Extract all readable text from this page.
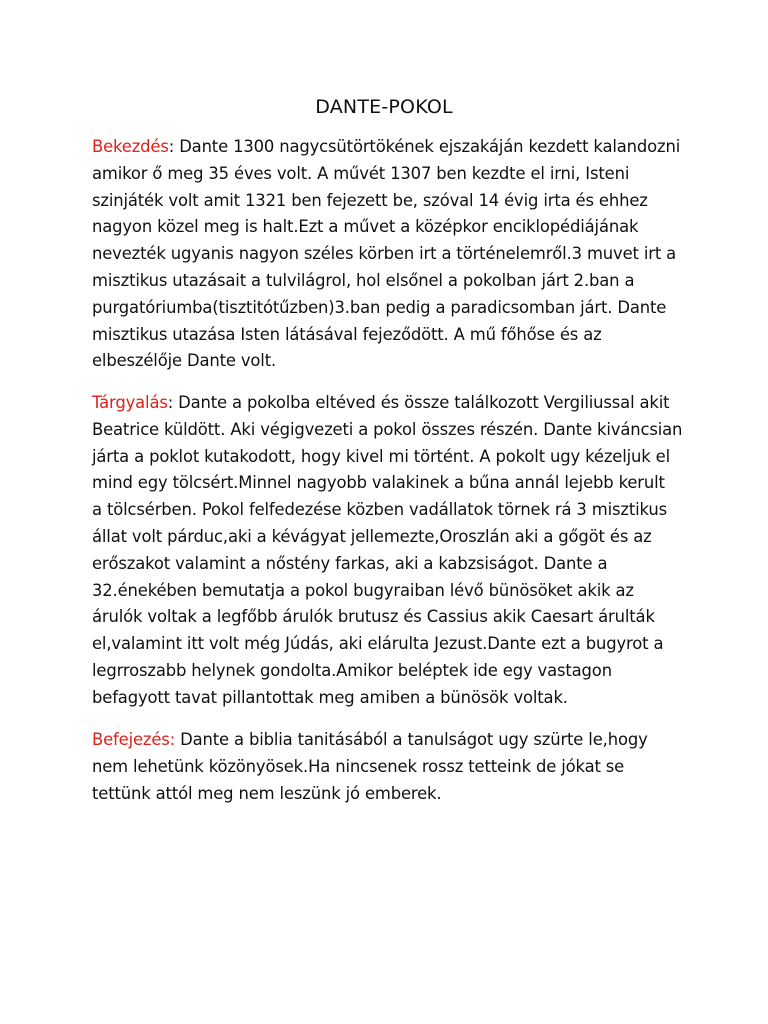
DANTE-POKOL

Bekezdés: Dante 1300 nagycsütörtökének ejszakáján kezdett kalandozni
amikor ő meg 35 éves volt. A művét 1307 ben kezdte el irni, Isteni
szinjáték volt amit 1321 ben fejezett be, szóval 14 évig irta és ehhez
nagyon közel meg is halt.Ezt a művet a középkor enciklopédiájának
nevezték ugyanis nagyon széles körben irt a történelemről.3 muvet irt a
misztikus utazásait a tulvilágrol, hol elsőnel a pokolban járt 2.ban a
purgatóriumba(tisztitótűzben)3.ban pedig a paradicsomban járt. Dante
misztikus utazása Isten látásával fejeződött. A mű főhőse és az
elbeszélője Dante volt.

Tárgyalás: Dante a pokolba eltéved és össze találkozott Vergiliussal akit
Beatrice küldött. Aki végigvezeti a pokol összes részén. Dante kiváncsian
járta a poklot kutakodott, hogy kivel mi történt. A pokolt ugy kézeljuk el
mind egy tölcsért.Minnel nagyobb valakinek a bűna annál lejebb kerult
a tölcsérben. Pokol felfedezése közben vadállatok törnek rá 3 misztikus
állat volt párduc,aki a kévágyat jellemezte,Oroszlán aki a gőgöt és az
erőszakot valamint a nőstény farkas, aki a kabzsiságot. Dante a
32.énekében bemutatja a pokol bugyraiban lévő bünösöket akik az
árulók voltak a legfőbb árulók brutusz és Cassius akik Caesart árulták
el,valamint itt volt még Júdás, aki elárulta Jezust.Dante ezt a bugyrot a
legrroszabb helynek gondolta.Amikor beléptek ide egy vastagon
befagyott tavat pillantottak meg amiben a bünösök voltak.

Befejezés: Dante a biblia tanitásából a tanulságot ugy szürte le,hogy
nem lehetünk közönyösek.Ha nincsenek rossz tetteink de jókat se
tettünk attól meg nem leszünk jó emberek.
